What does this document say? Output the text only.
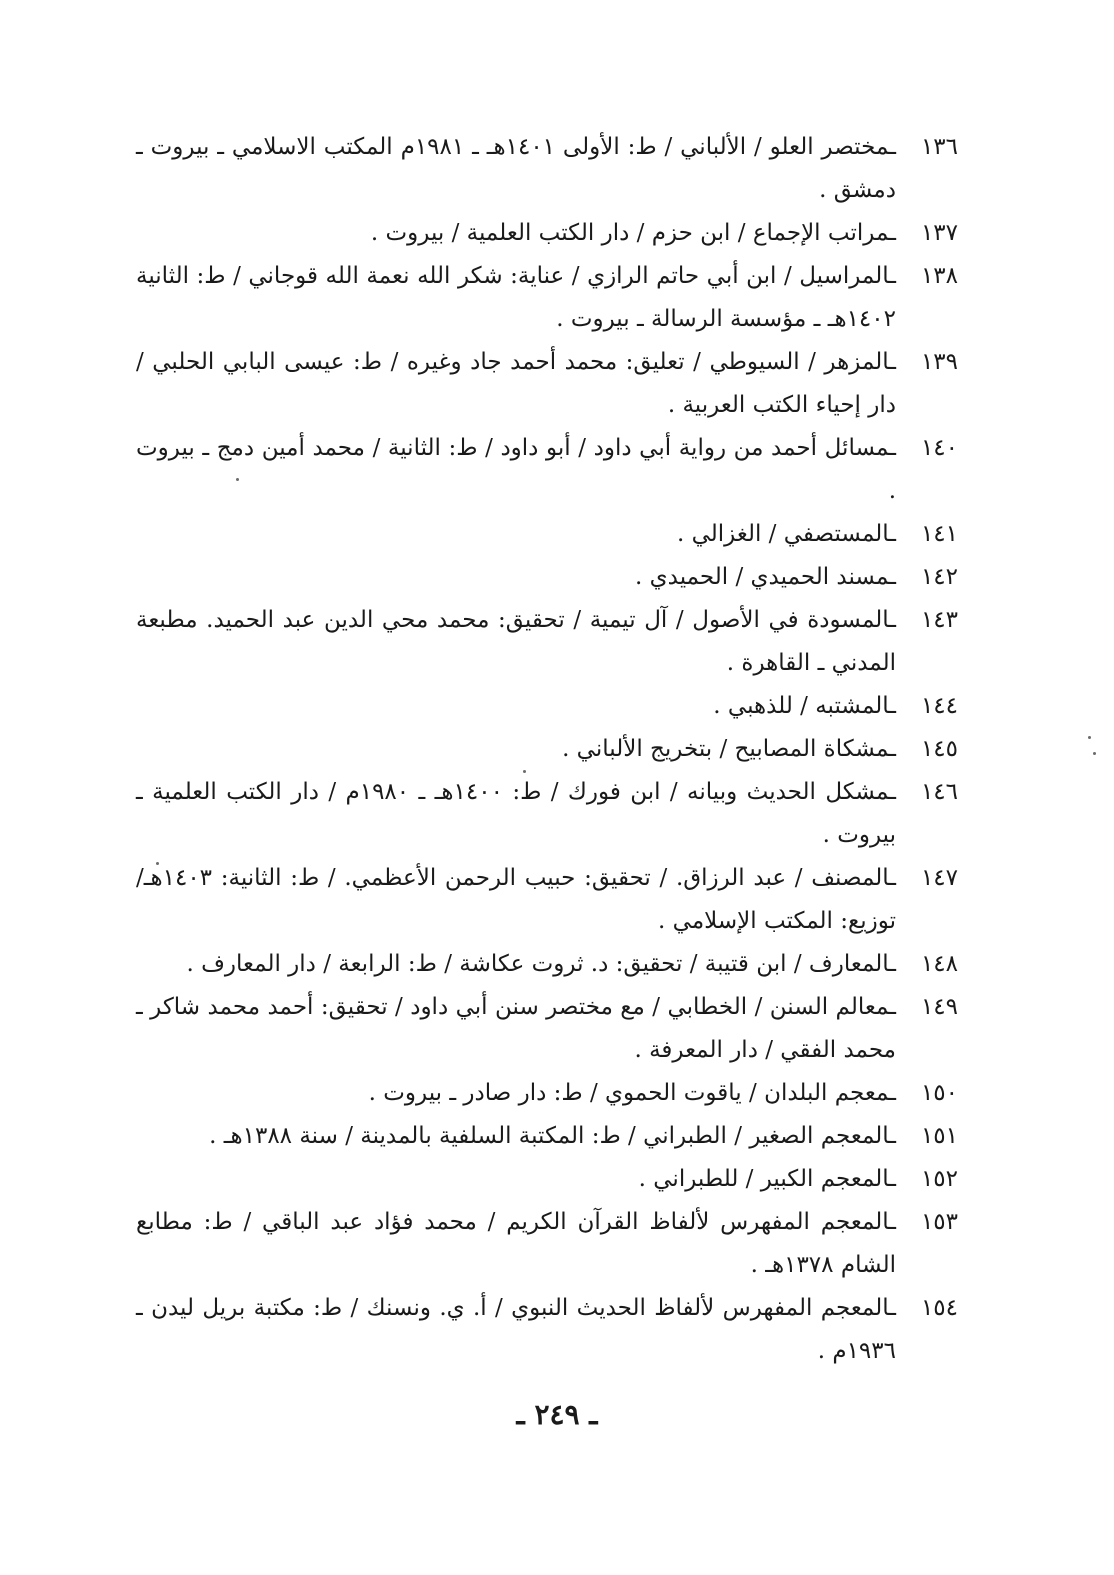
١٣٦
ـمختصر العلو / الألباني / ط: الأولى ١٤٠١هـ ـ ١٩٨١م المكتب الاسلامي ـ بيروت ـ دمشق .
١٣٧
ـمراتب الإجماع / ابن حزم / دار الكتب العلمية / بيروت .
١٣٨
ـالمراسيل / ابن أبي حاتم الرازي / عناية: شكر الله نعمة الله قوجاني / ط: الثانية ١٤٠٢هـ ـ مؤسسة الرسالة ـ بيروت .
١٣٩
ـالمزهر / السيوطي / تعليق: محمد أحمد جاد وغيره / ط: عيسى البابي الحلبي / دار إحياء الكتب العربية .
١٤٠
ـمسائل أحمد من رواية أبي داود / أبو داود / ط: الثانية / محمد أمين دمج ـ بيروت .
١٤١
ـالمستصفي / الغزالي .
١٤٢
ـمسند الحميدي / الحميدي .
١٤٣
ـالمسودة في الأصول / آل تيمية / تحقيق: محمد محي الدين عبد الحميد. مطبعة المدني ـ القاهرة .
١٤٤
ـالمشتبه / للذهبي .
١٤٥
ـمشكاة المصابيح / بتخريج الألباني .
١٤٦
ـمشكل الحديث وبيانه / ابن فورك / ط: ١٤٠٠هـ ـ ١٩٨٠م / دار الكتب العلمية ـ بيروت .
١٤٧
ـالمصنف / عبد الرزاق. / تحقيق: حبيب الرحمن الأعظمي. / ط: الثانية: ١٤٠٣هـ/ توزيع: المكتب الإسلامي .
١٤٨
ـالمعارف / ابن قتيبة / تحقيق: د. ثروت عكاشة / ط: الرابعة / دار المعارف .
١٤٩
ـمعالم السنن / الخطابي / مع مختصر سنن أبي داود / تحقيق: أحمد محمد شاكر ـ محمد الفقي / دار المعرفة .
١٥٠
ـمعجم البلدان / ياقوت الحموي / ط: دار صادر ـ بيروت .
١٥١
ـالمعجم الصغير / الطبراني / ط: المكتبة السلفية بالمدينة / سنة ١٣٨٨هـ .
١٥٢
ـالمعجم الكبير / للطبراني .
١٥٣
ـالمعجم المفهرس لألفاظ القرآن الكريم / محمد فؤاد عبد الباقي / ط: مطابع الشام ١٣٧٨هـ .
١٥٤
ـالمعجم المفهرس لألفاظ الحديث النبوي / أ. ي. ونسنك / ط: مكتبة بريل ليدن ـ ١٩٣٦م .
ـ ٢٤٩ ـ
